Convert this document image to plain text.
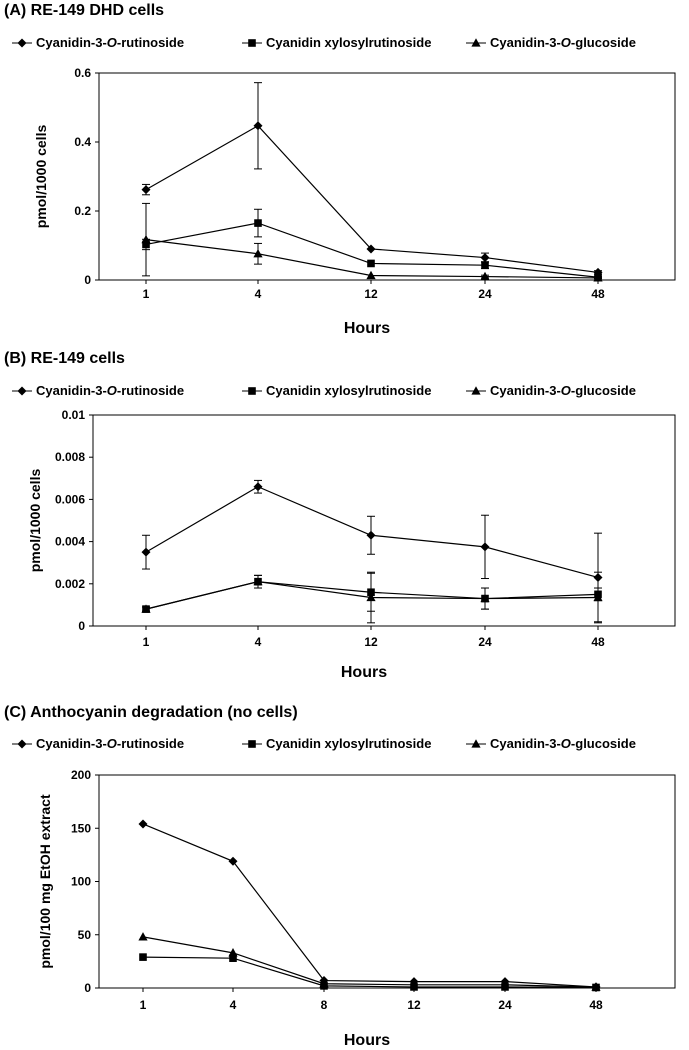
(A) RE-149 DHD cells
Cyanidin-3-O-rutinoside	Cyanidin xylosylrutinoside	Cyanidin-3-O-glucoside
0
0.2
0.4
0.6
1	4	12	24	48
Hours
pmol/1000 cells
(B) RE-149 cells
Cyanidin-3-O-rutinoside	Cyanidin xylosylrutinoside	Cyanidin-3-O-glucoside
0
0.002
0.004
0.006
0.008
0.01
1	4	12	24	48
Hours
pmol/1000 cells
(C) Anthocyanin degradation (no cells)
Cyanidin-3-O-rutinoside	Cyanidin xylosylrutinoside	Cyanidin-3-O-glucoside
0
50
100
150
200
1	4	8	12	24	48
Hours
pmol/100 mg EtOH extract
